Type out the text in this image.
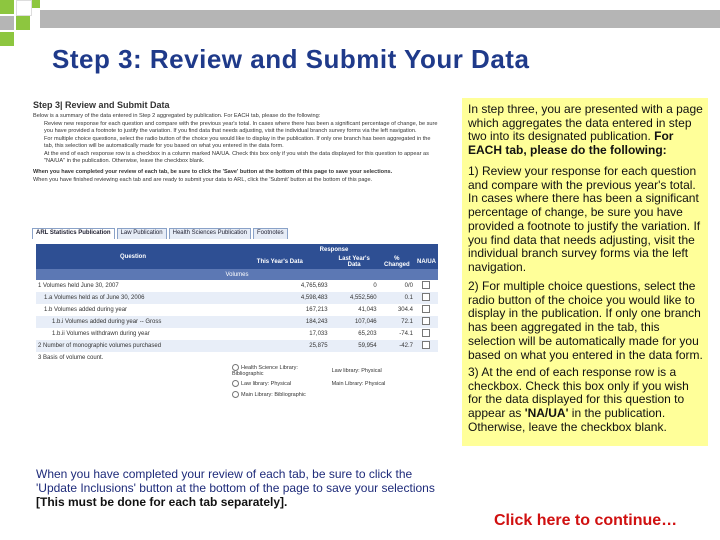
Step 3: Review and Submit Your Data
Step 3| Review and Submit Data

Below is a summary of the data entered in Step 2 aggregated by publication. For EACH tab, please do the following:

Review new response for each question and compare with the previous year's total. In cases where there has been a significant percentage of change, be sure you have provided a footnote to justify the variation. If you find data that needs adjusting, visit the individual branch survey forms via the left navigation.

For multiple choice questions, select the radio button of the choice you would like to display in the publication. If only one branch has been aggregated in the tab, this selection will be automatically made for you based on what you entered in the data form.

At the end of each response row is a checkbox in a column marked NA/UA. Check this box only if you wish the data displayed for this question to appear as "NA/UA" in the publication. Otherwise, leave the checkbox blank.

When you have completed your review of each tab, be sure to click the 'Save' button at the bottom of this page to save your selections.

When you have finished reviewing each tab and are ready to submit your data to ARL, click the 'Submit' button at the bottom of this page.

ARL Statistics Publication	Law Publication	Health Sciences Publication	Footnotes
Question	Response			
	This Year's Data	Last Year's Data	% Changed	NA/UA
Volumes				
1 Volumes held June 30, 2007	4,765,693	0	0/0	
1.a Volumes held as of June 30, 2006	4,598,483	4,552,560	0.1	
1.b Volumes added during year	167,213	41,043	304.4	
1.b.i Volumes added during year -- Gross	184,243	107,046	72.1	
1.b.ii Volumes withdrawn during year	17,033	65,203	-74.1	
2 Number of monographic volumes purchased	25,875	59,954	-42.7	
3 Basis of volume count.				
	Health Science Library: Bibliographic	Law library: Physical		
	Law library: Physical	Main Library: Physical		
	Main Library: Bibliographic			

In step three, you are presented with a page which aggregates the data entered in step two into its designated publication. For EACH tab, please do the following:

1) Review your response for each question and compare with the previous year's total. In cases where there has been a significant percentage of change, be sure you have provided a footnote to justify the variation. If you find data that needs adjusting, visit the individual branch survey forms via the left navigation.

2) For multiple choice questions, select the radio button of the choice you would like to display in the publication. If only one branch has been aggregated in the tab, this selection will be automatically made for you based on what you entered in the data form.

3) At the end of each response row is a checkbox. Check this box only if you wish for the data displayed for this question to appear as 'NA/UA' in the publication. Otherwise, leave the checkbox blank.

When you have completed your review of each tab, be sure to click the 'Update Inclusions' button at the bottom of the page to save your selections
[This must be done for each tab separately].
Click here to continue…
